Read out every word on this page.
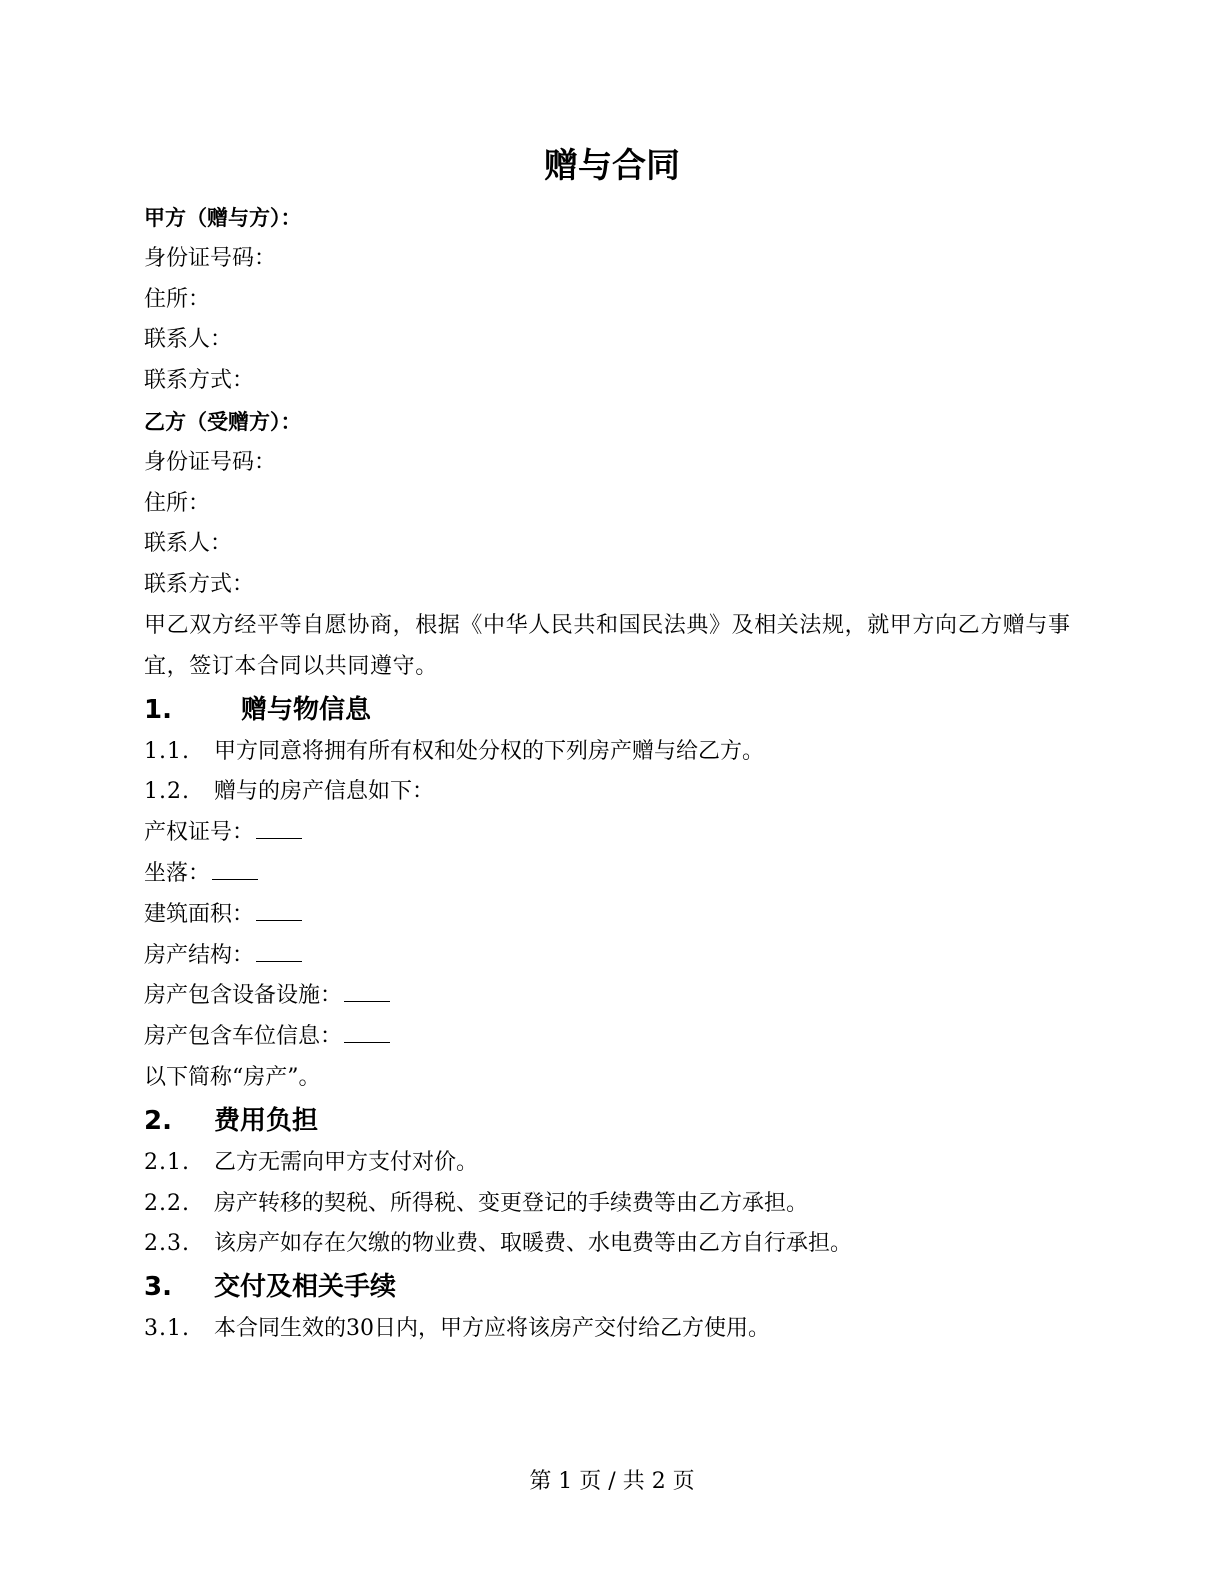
赠与合同
甲方（赠与方）：
身份证号码：
住所：
联系人：
联系方式：
乙方（受赠方）：
身份证号码：
住所：
联系人：
联系方式：
甲乙双方经平等自愿协商，根据《中华人民共和国民法典》及相关法规，就甲方向乙方赠与事宜，签订本合同以共同遵守。
1.	赠与物信息
1.1. 甲方同意将拥有所有权和处分权的下列房产赠与给乙方。
1.2. 赠与的房产信息如下：
产权证号：
坐落：
建筑面积：
房产结构：
房产包含设备设施：
房产包含车位信息：
以下简称“房产”。
2. 费用负担
2.1. 乙方无需向甲方支付对价。
2.2. 房产转移的契税、所得税、变更登记的手续费等由乙方承担。
2.3. 该房产如存在欠缴的物业费、取暖费、水电费等由乙方自行承担。
3. 交付及相关手续
3.1. 本合同生效的30日内，甲方应将该房产交付给乙方使用。
第 1 页 / 共 2 页
